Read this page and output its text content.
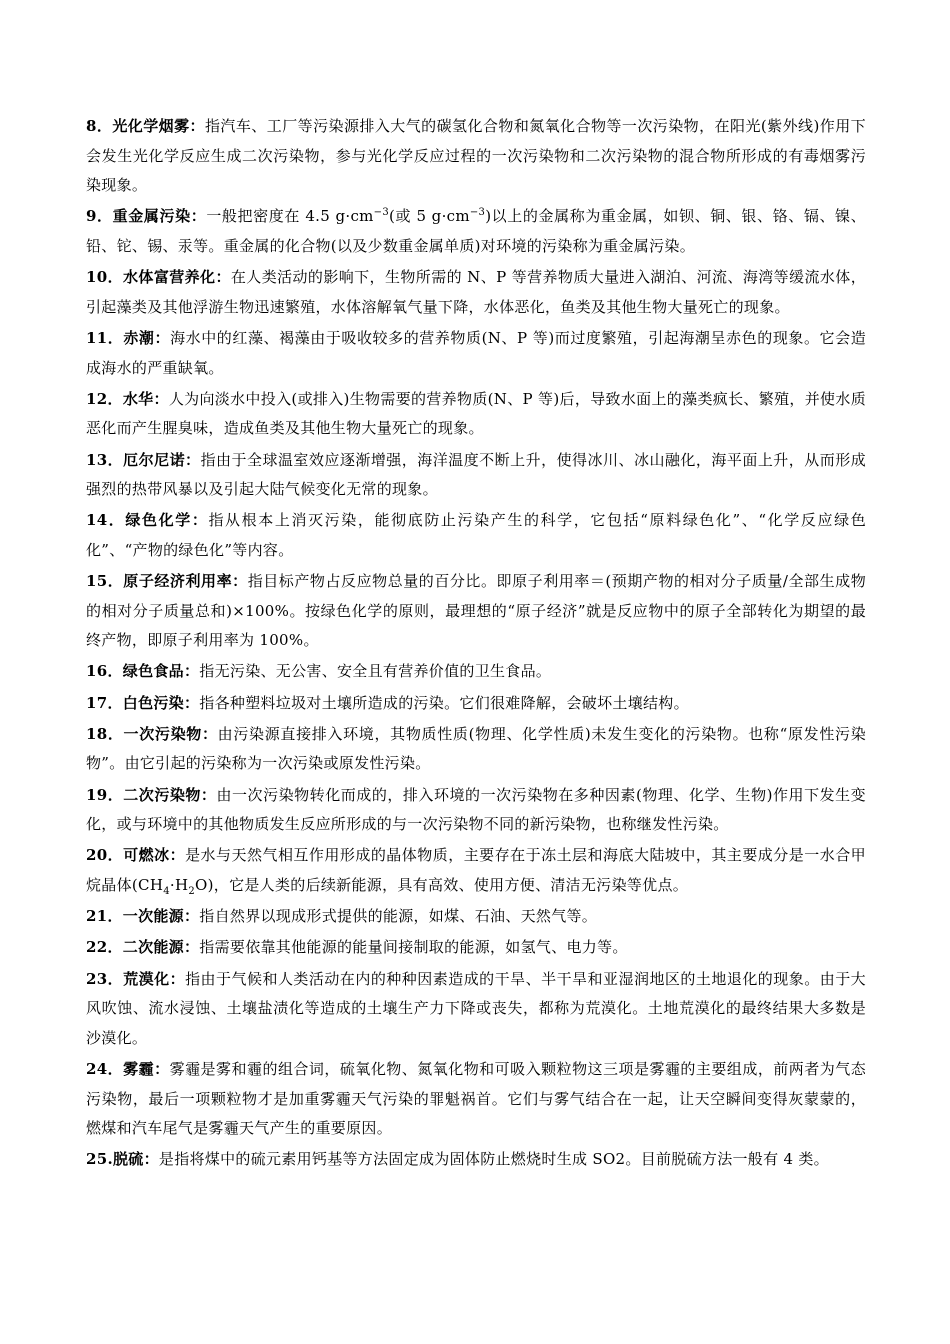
8．光化学烟雾：指汽车、工厂等污染源排入大气的碳氢化合物和氮氧化合物等一次污染物，在阳光(紫外线)作用下会发生光化学反应生成二次污染物，参与光化学反应过程的一次污染物和二次污染物的混合物所形成的有毒烟雾污染现象。

9．重金属污染：一般把密度在 4.5 $g\cdot cm^{-3}$(或 5 $g\cdot cm^{-3}$)以上的金属称为重金属，如钡、铜、银、铬、镉、镍、铅、铊、锡、汞等。重金属的化合物(以及少数重金属单质)对环境的污染称为重金属污染。

10．水体富营养化：在人类活动的影响下，生物所需的 N、P 等营养物质大量进入湖泊、河流、海湾等缓流水体，引起藻类及其他浮游生物迅速繁殖，水体溶解氧气量下降，水体恶化，鱼类及其他生物大量死亡的现象。

11．赤潮：海水中的红藻、褐藻由于吸收较多的营养物质(N、P 等)而过度繁殖，引起海潮呈赤色的现象。它会造成海水的严重缺氧。

12．水华：人为向淡水中投入(或排入)生物需要的营养物质(N、P 等)后，导致水面上的藻类疯长、繁殖，并使水质恶化而产生腥臭味，造成鱼类及其他生物大量死亡的现象。

13．厄尔尼诺：指由于全球温室效应逐渐增强，海洋温度不断上升，使得冰川、冰山融化，海平面上升，从而形成强烈的热带风暴以及引起大陆气候变化无常的现象。

14．绿色化学：指从根本上消灭污染，能彻底防止污染产生的科学，它包括“原料绿色化”、“化学反应绿色化”、“产物的绿色化”等内容。

15．原子经济利用率：指目标产物占反应物总量的百分比。即原子利用率＝(预期产物的相对分子质量/全部生成物的相对分子质量总和)×100%。按绿色化学的原则，最理想的“原子经济”就是反应物中的原子全部转化为期望的最终产物，即原子利用率为 100%。

16．绿色食品：指无污染、无公害、安全且有营养价值的卫生食品。

17．白色污染：指各种塑料垃圾对土壤所造成的污染。它们很难降解，会破坏土壤结构。

18．一次污染物：由污染源直接排入环境，其物质性质(物理、化学性质)未发生变化的污染物。也称“原发性污染物”。由它引起的污染称为一次污染或原发性污染。

19．二次污染物：由一次污染物转化而成的，排入环境的一次污染物在多种因素(物理、化学、生物)作用下发生变化，或与环境中的其他物质发生反应所形成的与一次污染物不同的新污染物，也称继发性污染。

20．可燃冰：是水与天然气相互作用形成的晶体物质，主要存在于冻土层和海底大陆坡中，其主要成分是一水合甲烷晶体$(CH_4\cdot H_2O)$，它是人类的后续新能源，具有高效、使用方便、清洁无污染等优点。

21．一次能源：指自然界以现成形式提供的能源，如煤、石油、天然气等。

22．二次能源：指需要依靠其他能源的能量间接制取的能源，如氢气、电力等。

23．荒漠化：指由于气候和人类活动在内的种种因素造成的干旱、半干旱和亚湿润地区的土地退化的现象。由于大风吹蚀、流水浸蚀、土壤盐渍化等造成的土壤生产力下降或丧失，都称为荒漠化。土地荒漠化的最终结果大多数是沙漠化。

24．雾霾：雾霾是雾和霾的组合词，硫氧化物、氮氧化物和可吸入颗粒物这三项是雾霾的主要组成，前两者为气态污染物，最后一项颗粒物才是加重雾霾天气污染的罪魁祸首。它们与雾气结合在一起，让天空瞬间变得灰蒙蒙的，燃煤和汽车尾气是雾霾天气产生的重要原因。

25.脱硫：是指将煤中的硫元素用钙基等方法固定成为固体防止燃烧时生成 SO2。目前脱硫方法一般有 4 类。
